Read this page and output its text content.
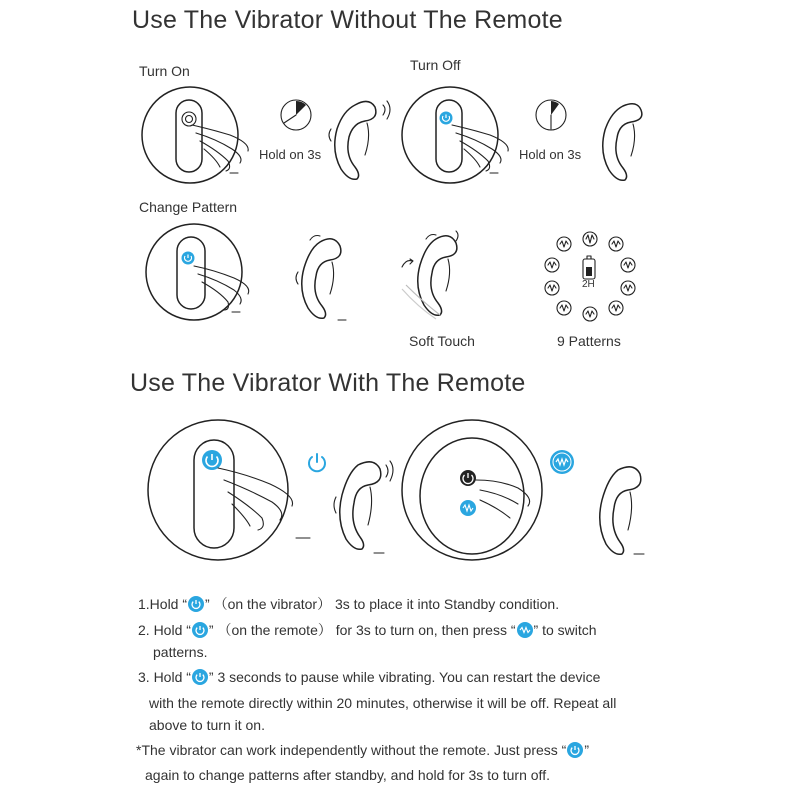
Use The Vibrator Without The Remote
Turn On
Hold on 3s
Turn Off
Hold on 3s
Change Pattern
Soft Touch
2H
9 Patterns
Use The Vibrator With The Remote
1.Hold “ ” （on the vibrator） 3s to place it into Standby condition.
2. Hold “ ” （on the remote） for 3s to turn on, then press “ ” to switch
patterns.
3. Hold “ ” 3 seconds to pause while vibrating. You can restart the device
with the remote directly within 20 minutes, otherwise it will be off. Repeat all
above to turn it on.
*The vibrator can work independently without the remote. Just press “ ”
again to change patterns after standby, and hold for 3s to turn off.
